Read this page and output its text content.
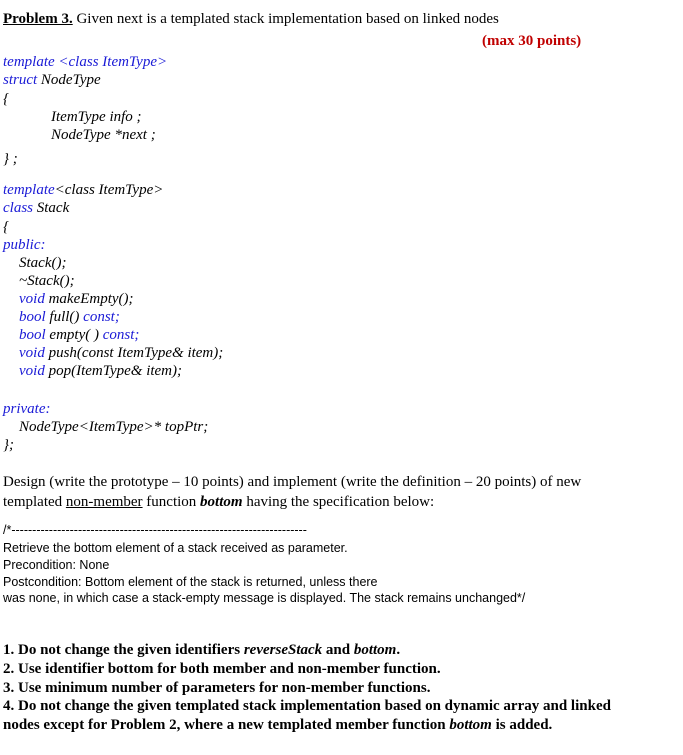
Problem 3. Given next is a templated stack implementation based on linked nodes
(max 30 points)
template <class ItemType>
struct NodeType
{
ItemType info ;
NodeType *next ;
} ;
template<class ItemType>
class Stack
{
public:
Stack();
~Stack();
void makeEmpty();
bool full() const;
bool empty( ) const;
void push(const ItemType& item);
void pop(ItemType& item);
private:
NodeType<ItemType>* topPtr;
};
Design (write the prototype – 10 points) and implement (write the definition – 20 points) of new templated non-member function bottom having the specification below:
/*-----------------------------------------------------------------------
Retrieve the bottom element of a stack received as parameter.
Precondition: None
Postcondition: Bottom element of the stack is returned, unless there
was none, in which case a stack-empty message is displayed. The stack remains unchanged*/
1. Do not change the given identifiers reverseStack and bottom.
2. Use identifier bottom for both member and non-member function.
3. Use minimum number of parameters for non-member functions.
4. Do not change the given templated stack implementation based on dynamic array and linked nodes except for Problem 2, where a new templated member function bottom is added.
